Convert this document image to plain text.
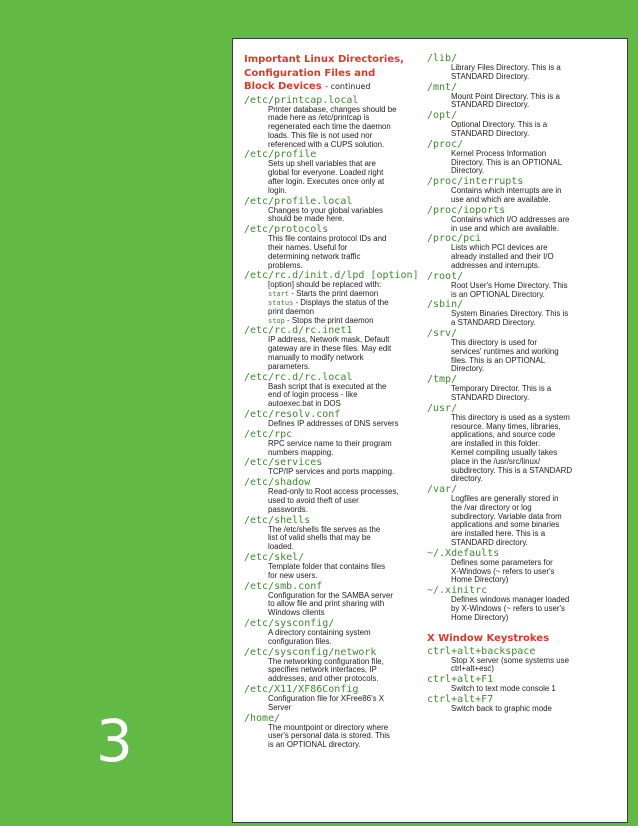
3
Important Linux Directories,
Configuration Files and
Block Devices - continued
/etc/printcap.local
Printer database, changes should be
made here as /etc/printcap is
regenerated each time the daemon
loads. This file is not used nor
referenced with a CUPS solution.
/etc/profile
Sets up shell variables that are
global for everyone. Loaded right
after login. Executes once only at
login.
/etc/profile.local
Changes to your global variables
should be made here.
/etc/protocols
This file contains protocol IDs and
their names. Useful for
determining network traffic
problems.
/etc/rc.d/init.d/lpd [option]
[option] should be replaced with:
start - Starts the print daemon
status - Displays the status of the
print daemon
stop - Stops the print daemon
/etc/rc.d/rc.inet1
IP address, Network mask, Default
gateway are in these files. May edit
manually to modify network
parameters.
/etc/rc.d/rc.local
Bash script that is executed at the
end of login process - like
autoexec.bat in DOS
/etc/resolv.conf
Defines IP addresses of DNS servers
/etc/rpc
RPC service name to their program
numbers mapping.
/etc/services
TCP/IP services and ports mapping.
/etc/shadow
Read-only to Root access processes,
used to avoid theft of user
passwords.
/etc/shells
The /etc/shells file serves as the
list of valid shells that may be
loaded.
/etc/skel/
Template folder that contains files
for new users.
/etc/smb.conf
Configuration for the SAMBA server
to allow file and print sharing with
Windows clients
/etc/sysconfig/
A directory containing system
configuration files.
/etc/sysconfig/network
The networking configuration file,
specifies network interfaces, IP
addresses, and other protocols.
/etc/X11/XF86Config
Configuration file for XFree86's X
Server
/home/
The mountpoint or directory where
user's personal data is stored. This
is an OPTIONAL directory.
/lib/
Library Files Directory. This is a
STANDARD Directory.
/mnt/
Mount Point Directory. This is a
STANDARD Directory.
/opt/
Optional Directory. This is a
STANDARD Directory.
/proc/
Kernel Process Information
Directory. This is an OPTIONAL
Directory.
/proc/interrupts
Contains which interrupts are in
use and which are available.
/proc/ioports
Contains which I/O addresses are
in use and which are available.
/proc/pci
Lists which PCI devices are
already installed and their I/O
addresses and interrupts.
/root/
Root User's Home Directory. This
is an OPTIONAL Directory.
/sbin/
System Binaries Directory. This is
a STANDARD Directory.
/srv/
This directory is used for
services' runtimes and working
files. This is an OPTIONAL
Directory.
/tmp/
Temporary Director. This is a
STANDARD Directory.
/usr/
This directory is used as a system
resource. Many times, libraries,
applications, and source code
are installed in this folder.
Kernel compiling usually takes
place in the /usr/src/linux/
subdirectory. This is a STANDARD
directory.
/var/
Logfiles are generally stored in
the /var directory or log
subdirectory. Variable data from
applications and some binaries
are installed here. This is a
STANDARD directory.
~/.Xdefaults
Defines some parameters for
X-Windows (~ refers to user's
Home Directory)
~/.xinitrc
Defines windows manager loaded
by X-Windows (~ refers to user's
Home Directory)
X Window Keystrokes
ctrl+alt+backspace
Stop X server (some systems use
ctrl+alt+esc)
ctrl+alt+F1
Switch to text mode console 1
ctrl+alt+F7
Switch back to graphic mode
